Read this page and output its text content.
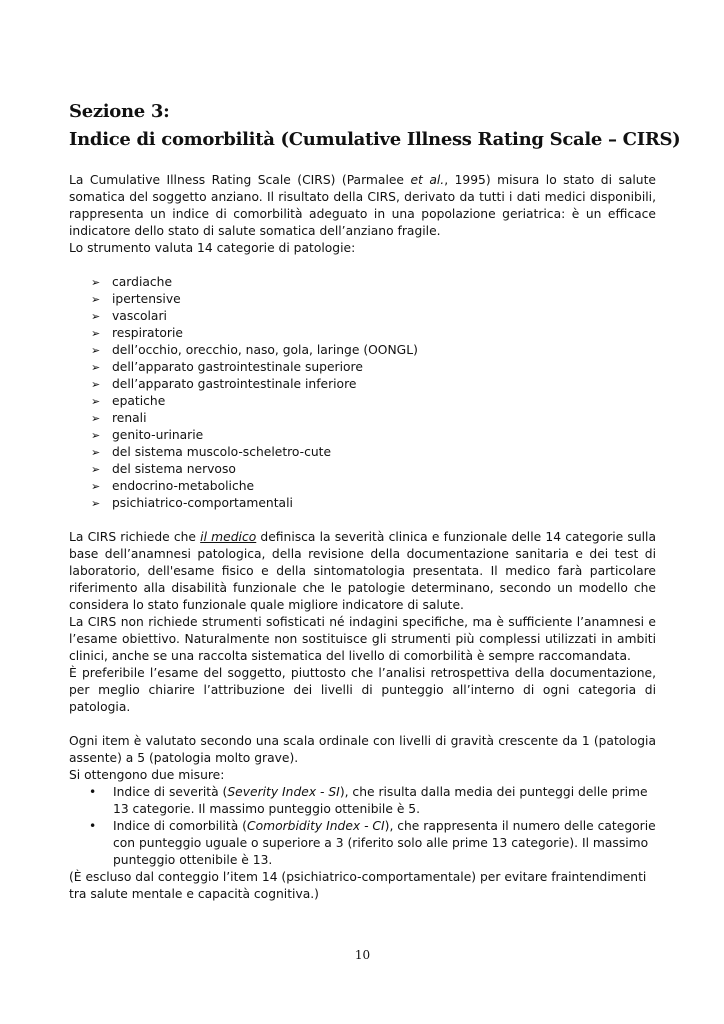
Sezione 3:
Indice di comorbilità (Cumulative Illness Rating Scale – CIRS)

La Cumulative Illness Rating Scale (CIRS) (Parmalee et al., 1995) misura lo stato di salute somatica del soggetto anziano. Il risultato della CIRS, derivato da tutti i dati medici disponibili, rappresenta un indice di comorbilità adeguato in una popolazione geriatrica: è un efficace indicatore dello stato di salute somatica dell’anziano fragile.

Lo strumento valuta 14 categorie di patologie:

➢ cardiache
➢ ipertensive
➢ vascolari
➢ respiratorie
➢ dell’occhio, orecchio, naso, gola, laringe (OONGL)
➢ dell’apparato gastrointestinale superiore
➢ dell’apparato gastrointestinale inferiore
➢ epatiche
➢ renali
➢ genito-urinarie
➢ del sistema muscolo-scheletro-cute
➢ del sistema nervoso
➢ endocrino-metaboliche
➢ psichiatrico-comportamentali

La CIRS richiede che il medico definisca la severità clinica e funzionale delle 14 categorie sulla base dell’anamnesi patologica, della revisione della documentazione sanitaria e dei test di laboratorio, dell'esame fisico e della sintomatologia presentata. Il medico farà particolare riferimento alla disabilità funzionale che le patologie determinano, secondo un modello che considera lo stato funzionale quale migliore indicatore di salute.

La CIRS non richiede strumenti sofisticati né indagini specifiche, ma è sufficiente l’anamnesi e l’esame obiettivo. Naturalmente non sostituisce gli strumenti più complessi utilizzati in ambiti clinici, anche se una raccolta sistematica del livello di comorbilità è sempre raccomandata.

È preferibile l’esame del soggetto, piuttosto che l’analisi retrospettiva della documentazione, per meglio chiarire l’attribuzione dei livelli di punteggio all’interno di ogni categoria di patologia.

Ogni item è valutato secondo una scala ordinale con livelli di gravità crescente da 1 (patologia assente) a 5 (patologia molto grave).

Si ottengono due misure:

• Indice di severità (Severity Index - SI), che risulta dalla media dei punteggi delle prime 13 categorie. Il massimo punteggio ottenibile è 5.
• Indice di comorbilità (Comorbidity Index - CI), che rappresenta il numero delle categorie con punteggio uguale o superiore a 3 (riferito solo alle prime 13 categorie). Il massimo punteggio ottenibile è 13.

(È escluso dal conteggio l’item 14 (psichiatrico-comportamentale) per evitare fraintendimenti tra salute mentale e capacità cognitiva.)

10
